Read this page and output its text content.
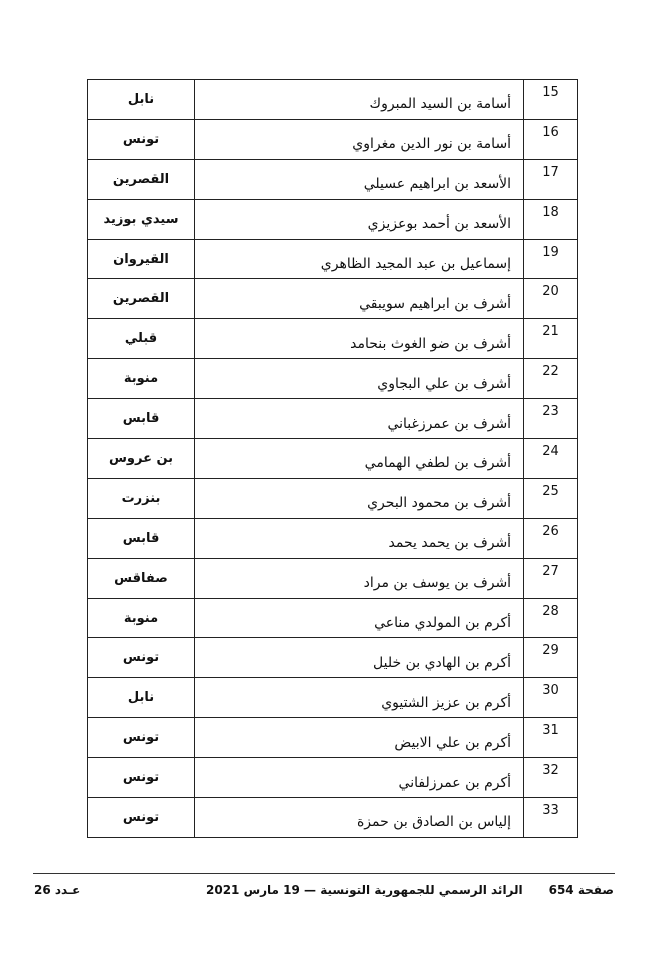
نابل	أسامة بن السيد المبروك	15

تونس	أسامة بن نور الدين مغراوي	16

القصرين	الأسعد بن ابراهيم عسيلي	17

سيدي بوزيد	الأسعد بن أحمد بوعزيزي	18

القيروان	إسماعيل بن عبد المجيد الظاهري	19

القصرين	أشرف بن ابراهيم سويبقي	20

قبلي	أشرف بن ضو الغوث بنحامد	21

منوبة	أشرف بن علي البجاوي	22

قابس	أشرف بن عمرزغباني	23

بن عروس	أشرف بن لطفي الهمامي	24

بنزرت	أشرف بن محمود البحري	25

قابس	أشرف بن يحمد يحمد	26

صفاقس	أشرف بن يوسف بن مراد	27

منوبة	أكرم بن المولدي مناعي	28

تونس	أكرم بن الهادي بن خليل	29

نابل	أكرم بن عزيز الشتيوي	30

تونس	أكرم بن علي الابيض	31

تونس	أكرم بن عمرزلفاني	32

تونس	إلياس بن الصادق بن حمزة	33
عـدد 26	الرائد الرسمي للجمهورية التونسية — 19 مارس 2021 صفحة 654
